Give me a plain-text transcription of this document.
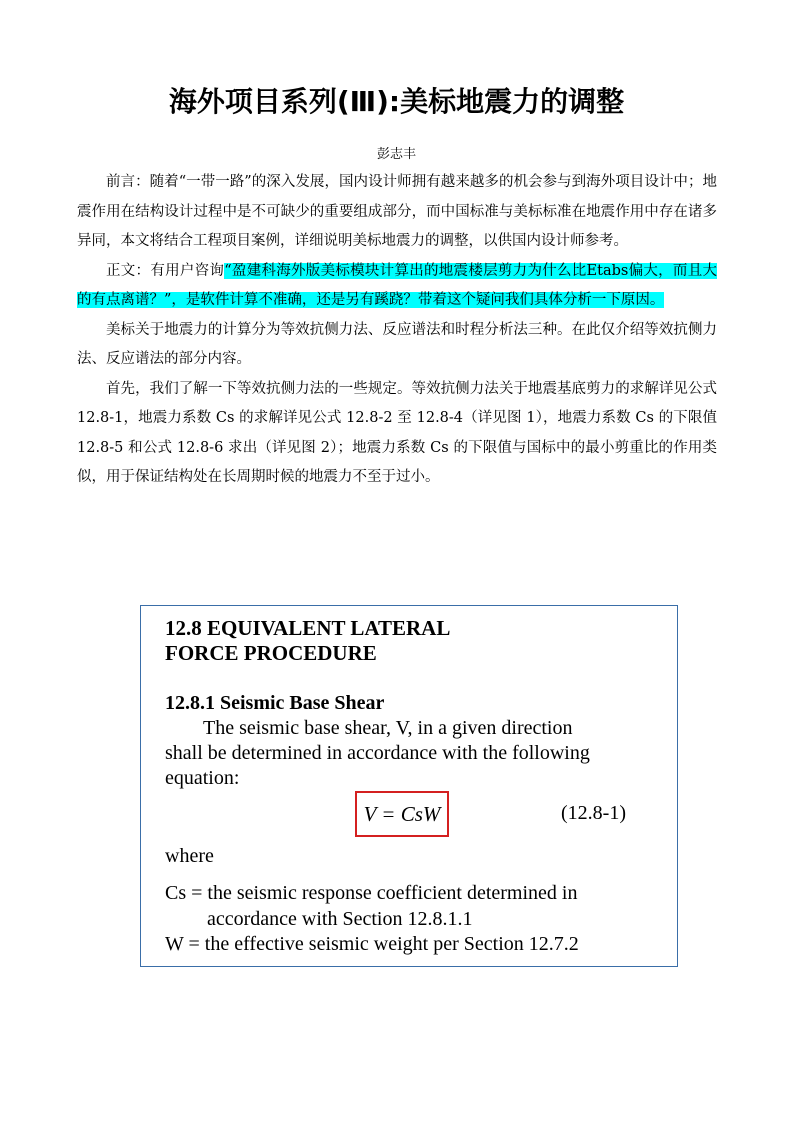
海外项目系列(Ⅲ):美标地震力的调整
彭志丰

前言：随着“一带一路”的深入发展，国内设计师拥有越来越多的机会参与到海外项目设计中；地震作用在结构设计过程中是不可缺少的重要组成部分，而中国标准与美标标准在地震作用中存在诸多异同，本文将结合工程项目案例，详细说明美标地震力的调整，以供国内设计师参考。

正文：有用户咨询“盈建科海外版美标模块计算出的地震楼层剪力为什么比Etabs偏大，而且大的有点离谱？”，是软件计算不准确，还是另有蹊跷？带着这个疑问我们具体分析一下原因。

美标关于地震力的计算分为等效抗侧力法、反应谱法和时程分析法三种。在此仅介绍等效抗侧力法、反应谱法的部分内容。

首先，我们了解一下等效抗侧力法的一些规定。等效抗侧力法关于地震基底剪力的求解详见公式 12.8-1，地震力系数 Cs 的求解详见公式 12.8-2 至 12.8-4（详见图 1），地震力系数 Cs 的下限值 12.8-5 和公式 12.8-6 求出（详见图 2）；地震力系数 Cs 的下限值与国标中的最小剪重比的作用类似，用于保证结构处在长周期时候的地震力不至于过小。

12.8 EQUIVALENT LATERAL
FORCE PROCEDURE
12.8.1 Seismic Base Shear
The seismic base shear, V, in a given direction
shall be determined in accordance with the following
equation:
V = CsW	(12.8-1)
where
Cs = the seismic response coefficient determined in
accordance with Section 12.8.1.1
W = the effective seismic weight per Section 12.7.2
